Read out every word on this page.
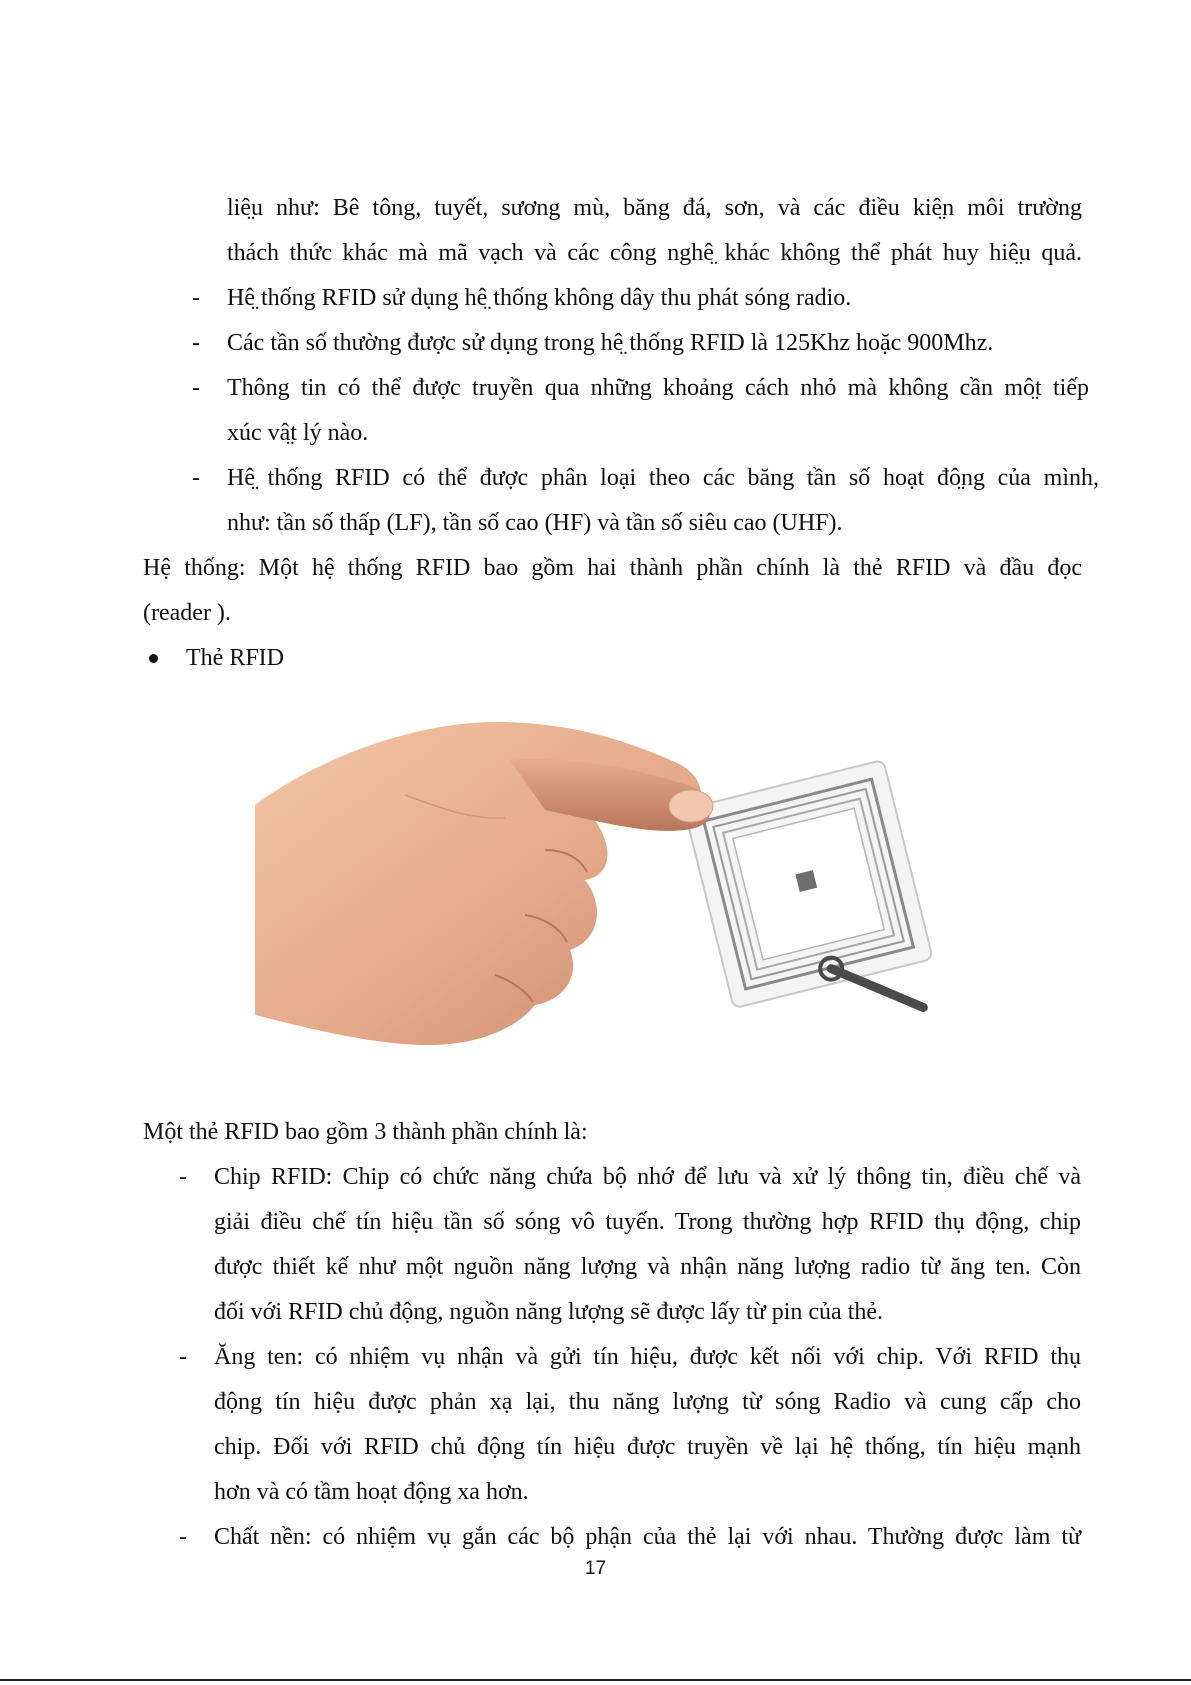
liê̤u như: Bê tông, tuyết, sương mù, băng đá, sơn, và các điều kiê̤n môi trường
thách thức khác mà mã vạch và các công nghê̤ khác không thể phát huy hiê̤u quả.
- Hê̤ thống RFID sử dụng hê̤ thống không dây thu phát sóng radio.
- Các tần số thường được sử dụng trong hê̤ thống RFID là 125Khz hoặc 900Mhz.
- Thông tin có thể được truyền qua những khoảng cách nhỏ mà không cần mô̤t tiếp
xúc vâ̤t lý nào.
- Hê̤ thống RFID có thể được phân loại theo các băng tần số hoạt đô̤ng của mình,
như: tần số thấp (LF), tần số cao (HF) và tần số siêu cao (UHF).
Hệ thống: Một hệ thống RFID bao gồm hai thành phần chính là thẻ RFID và đầu đọc
(reader ).
Thẻ RFID
Một thẻ RFID bao gồm 3 thành phần chính là:
- Chip RFID: Chip có chức năng chứa bộ nhớ để lưu và xử lý thông tin, điều chế và
giải điều chế tín hiệu tần số sóng vô tuyến. Trong thường hợp RFID thụ động, chip
được thiết kế như một nguồn năng lượng và nhận năng lượng radio từ ăng ten. Còn
đối với RFID chủ động, nguồn năng lượng sẽ được lấy từ pin của thẻ.
- Ăng ten: có nhiệm vụ nhận và gửi tín hiệu, được kết nối với chip. Với RFID thụ
động tín hiệu được phản xạ lại, thu năng lượng từ sóng Radio và cung cấp cho
chip. Đối với RFID chủ động tín hiệu được truyền về lại hệ thống, tín hiệu mạnh
hơn và có tầm hoạt động xa hơn.
- Chất nền: có nhiệm vụ gắn các bộ phận của thẻ lại với nhau. Thường được làm từ
17
